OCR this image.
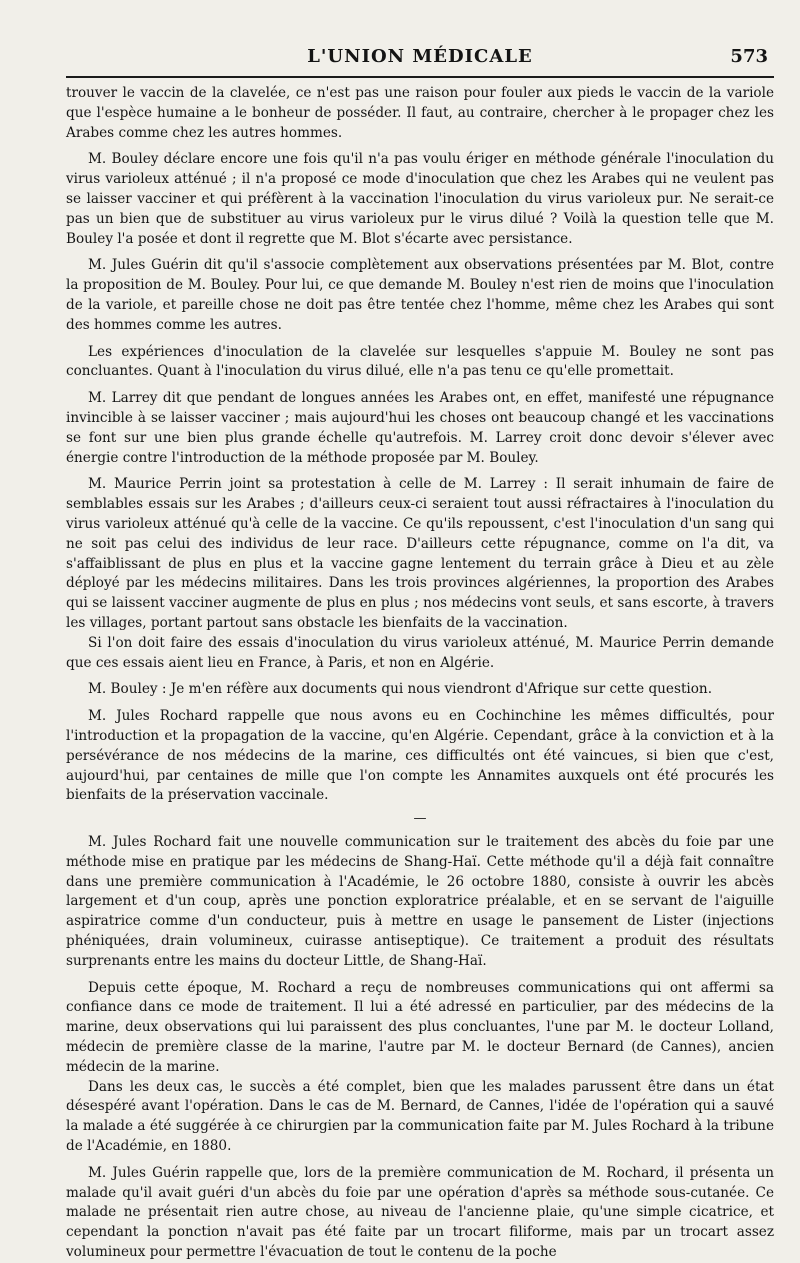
L'UNION MÉDICALE	573

trouver le vaccin de la clavelée, ce n'est pas une raison pour fouler aux pieds le vaccin de la variole que l'espèce humaine a le bonheur de posséder. Il faut, au contraire, chercher à le propager chez les Arabes comme chez les autres hommes.

M. Bouley déclare encore une fois qu'il n'a pas voulu ériger en méthode générale l'inoculation du virus varioleux atténué ; il n'a proposé ce mode d'inoculation que chez les Arabes qui ne veulent pas se laisser vacciner et qui préfèrent à la vaccination l'inoculation du virus varioleux pur. Ne serait-ce pas un bien que de substituer au virus varioleux pur le virus dilué ? Voilà la question telle que M. Bouley l'a posée et dont il regrette que M. Blot s'écarte avec persistance.

M. Jules Guérin dit qu'il s'associe complètement aux observations présentées par M. Blot, contre la proposition de M. Bouley. Pour lui, ce que demande M. Bouley n'est rien de moins que l'inoculation de la variole, et pareille chose ne doit pas être tentée chez l'homme, même chez les Arabes qui sont des hommes comme les autres.

Les expériences d'inoculation de la clavelée sur lesquelles s'appuie M. Bouley ne sont pas concluantes. Quant à l'inoculation du virus dilué, elle n'a pas tenu ce qu'elle promettait.

M. Larrey dit que pendant de longues années les Arabes ont, en effet, manifesté une répugnance invincible à se laisser vacciner ; mais aujourd'hui les choses ont beaucoup changé et les vaccinations se font sur une bien plus grande échelle qu'autrefois. M. Larrey croit donc devoir s'élever avec énergie contre l'introduction de la méthode proposée par M. Bouley.

M. Maurice Perrin joint sa protestation à celle de M. Larrey : Il serait inhumain de faire de semblables essais sur les Arabes ; d'ailleurs ceux-ci seraient tout aussi réfractaires à l'inoculation du virus varioleux atténué qu'à celle de la vaccine. Ce qu'ils repoussent, c'est l'inoculation d'un sang qui ne soit pas celui des individus de leur race. D'ailleurs cette répugnance, comme on l'a dit, va s'affaiblissant de plus en plus et la vaccine gagne lentement du terrain grâce à Dieu et au zèle déployé par les médecins militaires. Dans les trois provinces algériennes, la proportion des Arabes qui se laissent vacciner augmente de plus en plus ; nos médecins vont seuls, et sans escorte, à travers les villages, portant partout sans obstacle les bienfaits de la vaccination.

Si l'on doit faire des essais d'inoculation du virus varioleux atténué, M. Maurice Perrin demande que ces essais aient lieu en France, à Paris, et non en Algérie.

M. Bouley : Je m'en réfère aux documents qui nous viendront d'Afrique sur cette question.

M. Jules Rochard rappelle que nous avons eu en Cochinchine les mêmes difficultés, pour l'introduction et la propagation de la vaccine, qu'en Algérie. Cependant, grâce à la conviction et à la persévérance de nos médecins de la marine, ces difficultés ont été vaincues, si bien que c'est, aujourd'hui, par centaines de mille que l'on compte les Annamites auxquels ont été procurés les bienfaits de la préservation vaccinale.

—

M. Jules Rochard fait une nouvelle communication sur le traitement des abcès du foie par une méthode mise en pratique par les médecins de Shang-Haï. Cette méthode qu'il a déjà fait connaître dans une première communication à l'Académie, le 26 octobre 1880, consiste à ouvrir les abcès largement et d'un coup, après une ponction exploratrice préalable, et en se servant de l'aiguille aspiratrice comme d'un conducteur, puis à mettre en usage le pansement de Lister (injections phéniquées, drain volumineux, cuirasse antiseptique). Ce traitement a produit des résultats surprenants entre les mains du docteur Little, de Shang-Haï.

Depuis cette époque, M. Rochard a reçu de nombreuses communications qui ont affermi sa confiance dans ce mode de traitement. Il lui a été adressé en particulier, par des médecins de la marine, deux observations qui lui paraissent des plus concluantes, l'une par M. le docteur Lolland, médecin de première classe de la marine, l'autre par M. le docteur Bernard (de Cannes), ancien médecin de la marine.

Dans les deux cas, le succès a été complet, bien que les malades parussent être dans un état désespéré avant l'opération. Dans le cas de M. Bernard, de Cannes, l'idée de l'opération qui a sauvé la malade a été suggérée à ce chirurgien par la communication faite par M. Jules Rochard à la tribune de l'Académie, en 1880.

M. Jules Guérin rappelle que, lors de la première communication de M. Rochard, il présenta un malade qu'il avait guéri d'un abcès du foie par une opération d'après sa méthode sous-cutanée. Ce malade ne présentait rien autre chose, au niveau de l'ancienne plaie, qu'une simple cicatrice, et cependant la ponction n'avait pas été faite par un trocart filiforme, mais par un trocart assez volumineux pour permettre l'évacuation de tout le contenu de la poche
